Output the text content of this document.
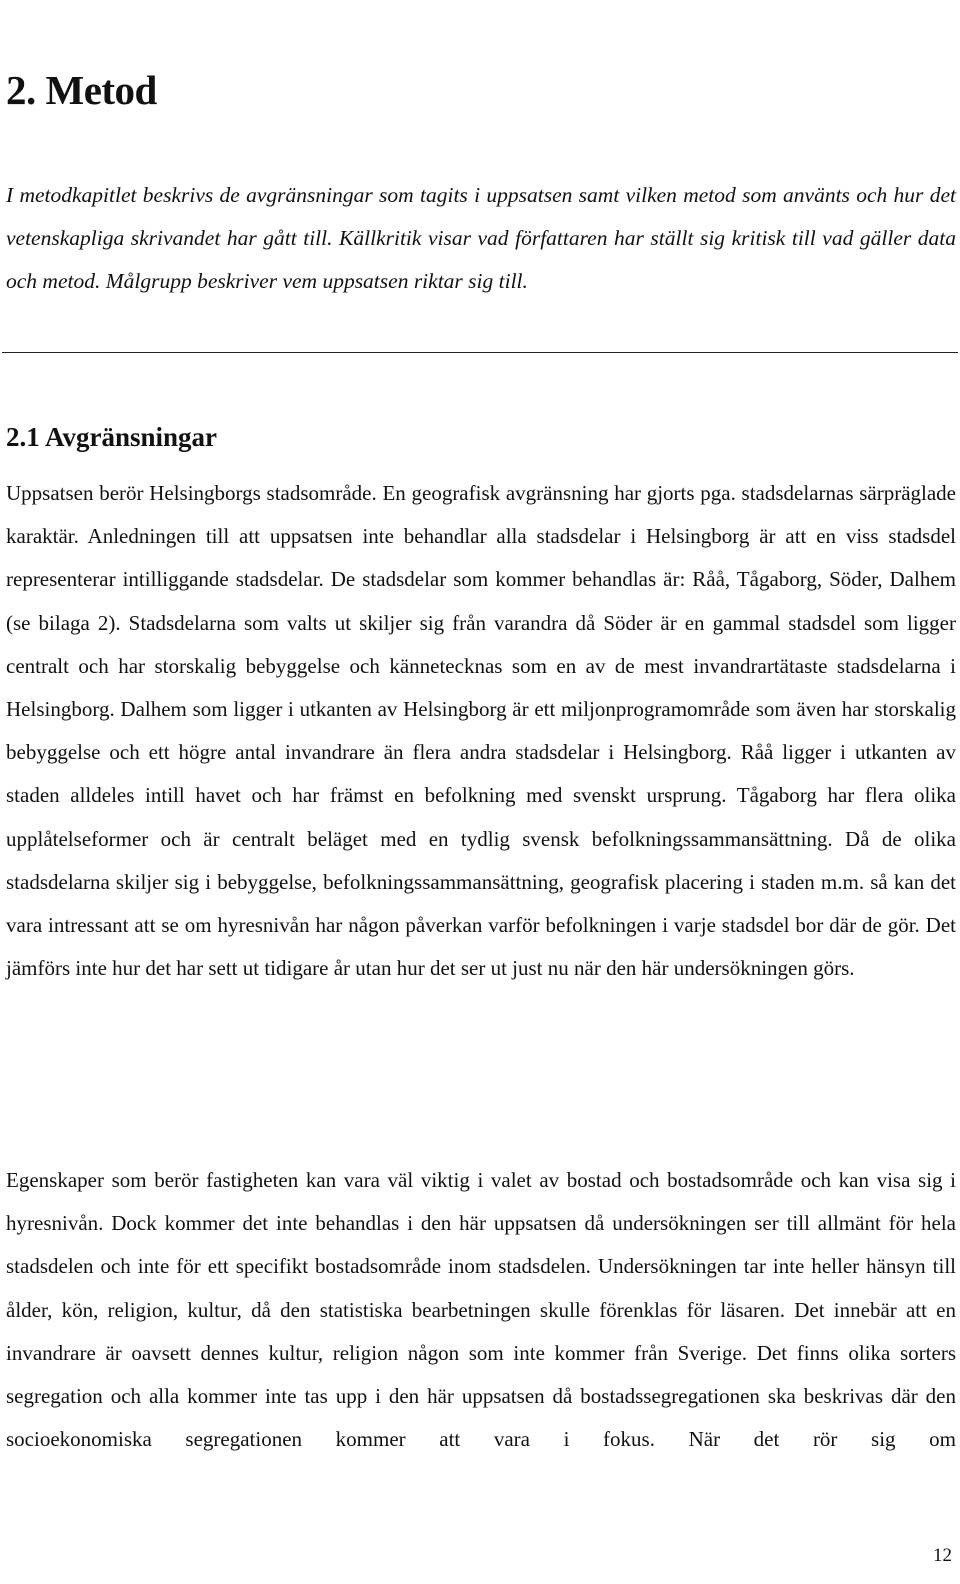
2. Metod

I metodkapitlet beskrivs de avgränsningar som tagits i uppsatsen samt vilken metod som använts och hur det vetenskapliga skrivandet har gått till. Källkritik visar vad författaren har ställt sig kritisk till vad gäller data och metod. Målgrupp beskriver vem uppsatsen riktar sig till.

2.1 Avgränsningar

Uppsatsen berör Helsingborgs stadsområde. En geografisk avgränsning har gjorts pga. stadsdelarnas särpräglade karaktär. Anledningen till att uppsatsen inte behandlar alla stadsdelar i Helsingborg är att en viss stadsdel representerar intilliggande stadsdelar. De stadsdelar som kommer behandlas är: Råå, Tågaborg, Söder, Dalhem (se bilaga 2). Stadsdelarna som valts ut skiljer sig från varandra då Söder är en gammal stadsdel som ligger centralt och har storskalig bebyggelse och kännetecknas som en av de mest invandrartätaste stadsdelarna i Helsingborg. Dalhem som ligger i utkanten av Helsingborg är ett miljonprogramområde som även har storskalig bebyggelse och ett högre antal invandrare än flera andra stadsdelar i Helsingborg. Råå ligger i utkanten av staden alldeles intill havet och har främst en befolkning med svenskt ursprung. Tågaborg har flera olika upplåtelseformer och är centralt beläget med en tydlig svensk befolkningssammansättning. Då de olika stadsdelarna skiljer sig i bebyggelse, befolkningssammansättning, geografisk placering i staden m.m. så kan det vara intressant att se om hyresnivån har någon påverkan varför befolkningen i varje stadsdel bor där de gör. Det jämförs inte hur det har sett ut tidigare år utan hur det ser ut just nu när den här undersökningen görs.

Egenskaper som berör fastigheten kan vara väl viktig i valet av bostad och bostadsområde och kan visa sig i hyresnivån. Dock kommer det inte behandlas i den här uppsatsen då undersökningen ser till allmänt för hela stadsdelen och inte för ett specifikt bostadsområde inom stadsdelen. Undersökningen tar inte heller hänsyn till ålder, kön, religion, kultur, då den statistiska bearbetningen skulle förenklas för läsaren. Det innebär att en invandrare är oavsett dennes kultur, religion någon som inte kommer från Sverige. Det finns olika sorters segregation och alla kommer inte tas upp i den här uppsatsen då bostadssegregationen ska beskrivas där den socioekonomiska segregationen kommer att vara i fokus. När det rör sig om

12
